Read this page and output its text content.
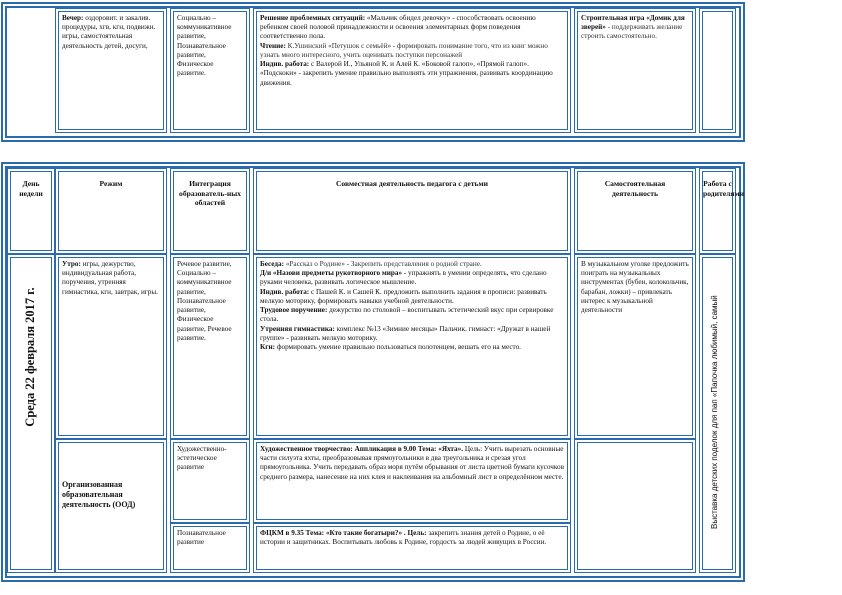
Вечер: оздоровит. и закалив. процедуры, хгв, кгн, подвижн. игры, самостоятельная деятельность детей, досуги,
Социально – коммуникативное развитие, Познавательное развитие, Физическое развитие.

Решение проблемных ситуаций: «Мальчик обидел девочку» - способствовать освоению ребенком своей половой принадлежности и освоения элементарных форм поведения соответственно пола.

Чтение: К.Ушинский «Петушок с семьёй» - формировать понимание того, что из книг можно узнать много интересного, учить оценивать поступки персонажей

Индив. работа: с Валерой И., Ульяной К. и Алей К. «Боковой галоп», «Прямой галоп». «Подскоки» - закрепить умение правильно выполнять эти упражнения, развивать координацию движения.

Строительная игра «Домик для зверей» - поддерживать желание строить самостоятельно.
День недели
Режим	Интеграция образователь-ных областей
Совместная деятельность педагога с детьми	Самостоятельная деятельность
Работа с родителями
Среда 22 февраля 2017 г.
Утро: игры, дежурство, индивидуальная работа, поручения, утренняя гимнастика, кгн, завтрак, игры.
Речевое развитие, Социально – коммуникативное развитие, Познавательное развитие, Физическое развитие, Речевое развитие.

Беседа: «Рассказ о Родине» - Закрепить представления о родной стране.

Д/и «Назови предметы рукотворного мира» - упражнять в умении определять, что сделано руками человека, развивать логическое мышление.

Индив. работа: с Пашей К. и Сашей К. предложить выполнить задания в прописи: развивать мелкую моторику, формировать навыки учебной деятельности.

Трудовое поручение: дежурство по столовой – воспитывать эстетический вкус при сервировке стола.

Утренняя гимнастика: комплекс №13 «Зимние месяцы» Пальчик. гимнаст: «Дружат в нашей группе» - развивать мелкую моторику.

Кгн: формировать умение правильно пользоваться полотенцем, вешать его на место.

В музыкальном уголке предложить поиграть на музыкальных инструментах (бубен, колокольчик, барабан, ложки) – привлекать интерес к музыкальной деятельности
Организованная образовательная деятельность (ООД)
Художественно-эстетическое развитие

Художественное творчество: Аппликация в 9.00 Тема: «Яхта». Цель: Учить вырезать основные части силуэта яхты, преобразовывая прямоугольники в два треугольника и срезая угол прямоугольника. Учить передавать образ моря путём обрывания от листа цветной бумаги кусочков среднего размера, нанесение на них клея и наклеивания на альбомный лист в определённом месте.

Познавательное развитие

ФЦКМ в 9.35 Тема: «Кто такие богатыри?» . Цель: закрепить знания детей о Родине, о её истории и защитниках. Воспитывать любовь к Родине, гордость за людей живущих в России.

Выставка детских поделок для пап «Папочка любимый, самый
